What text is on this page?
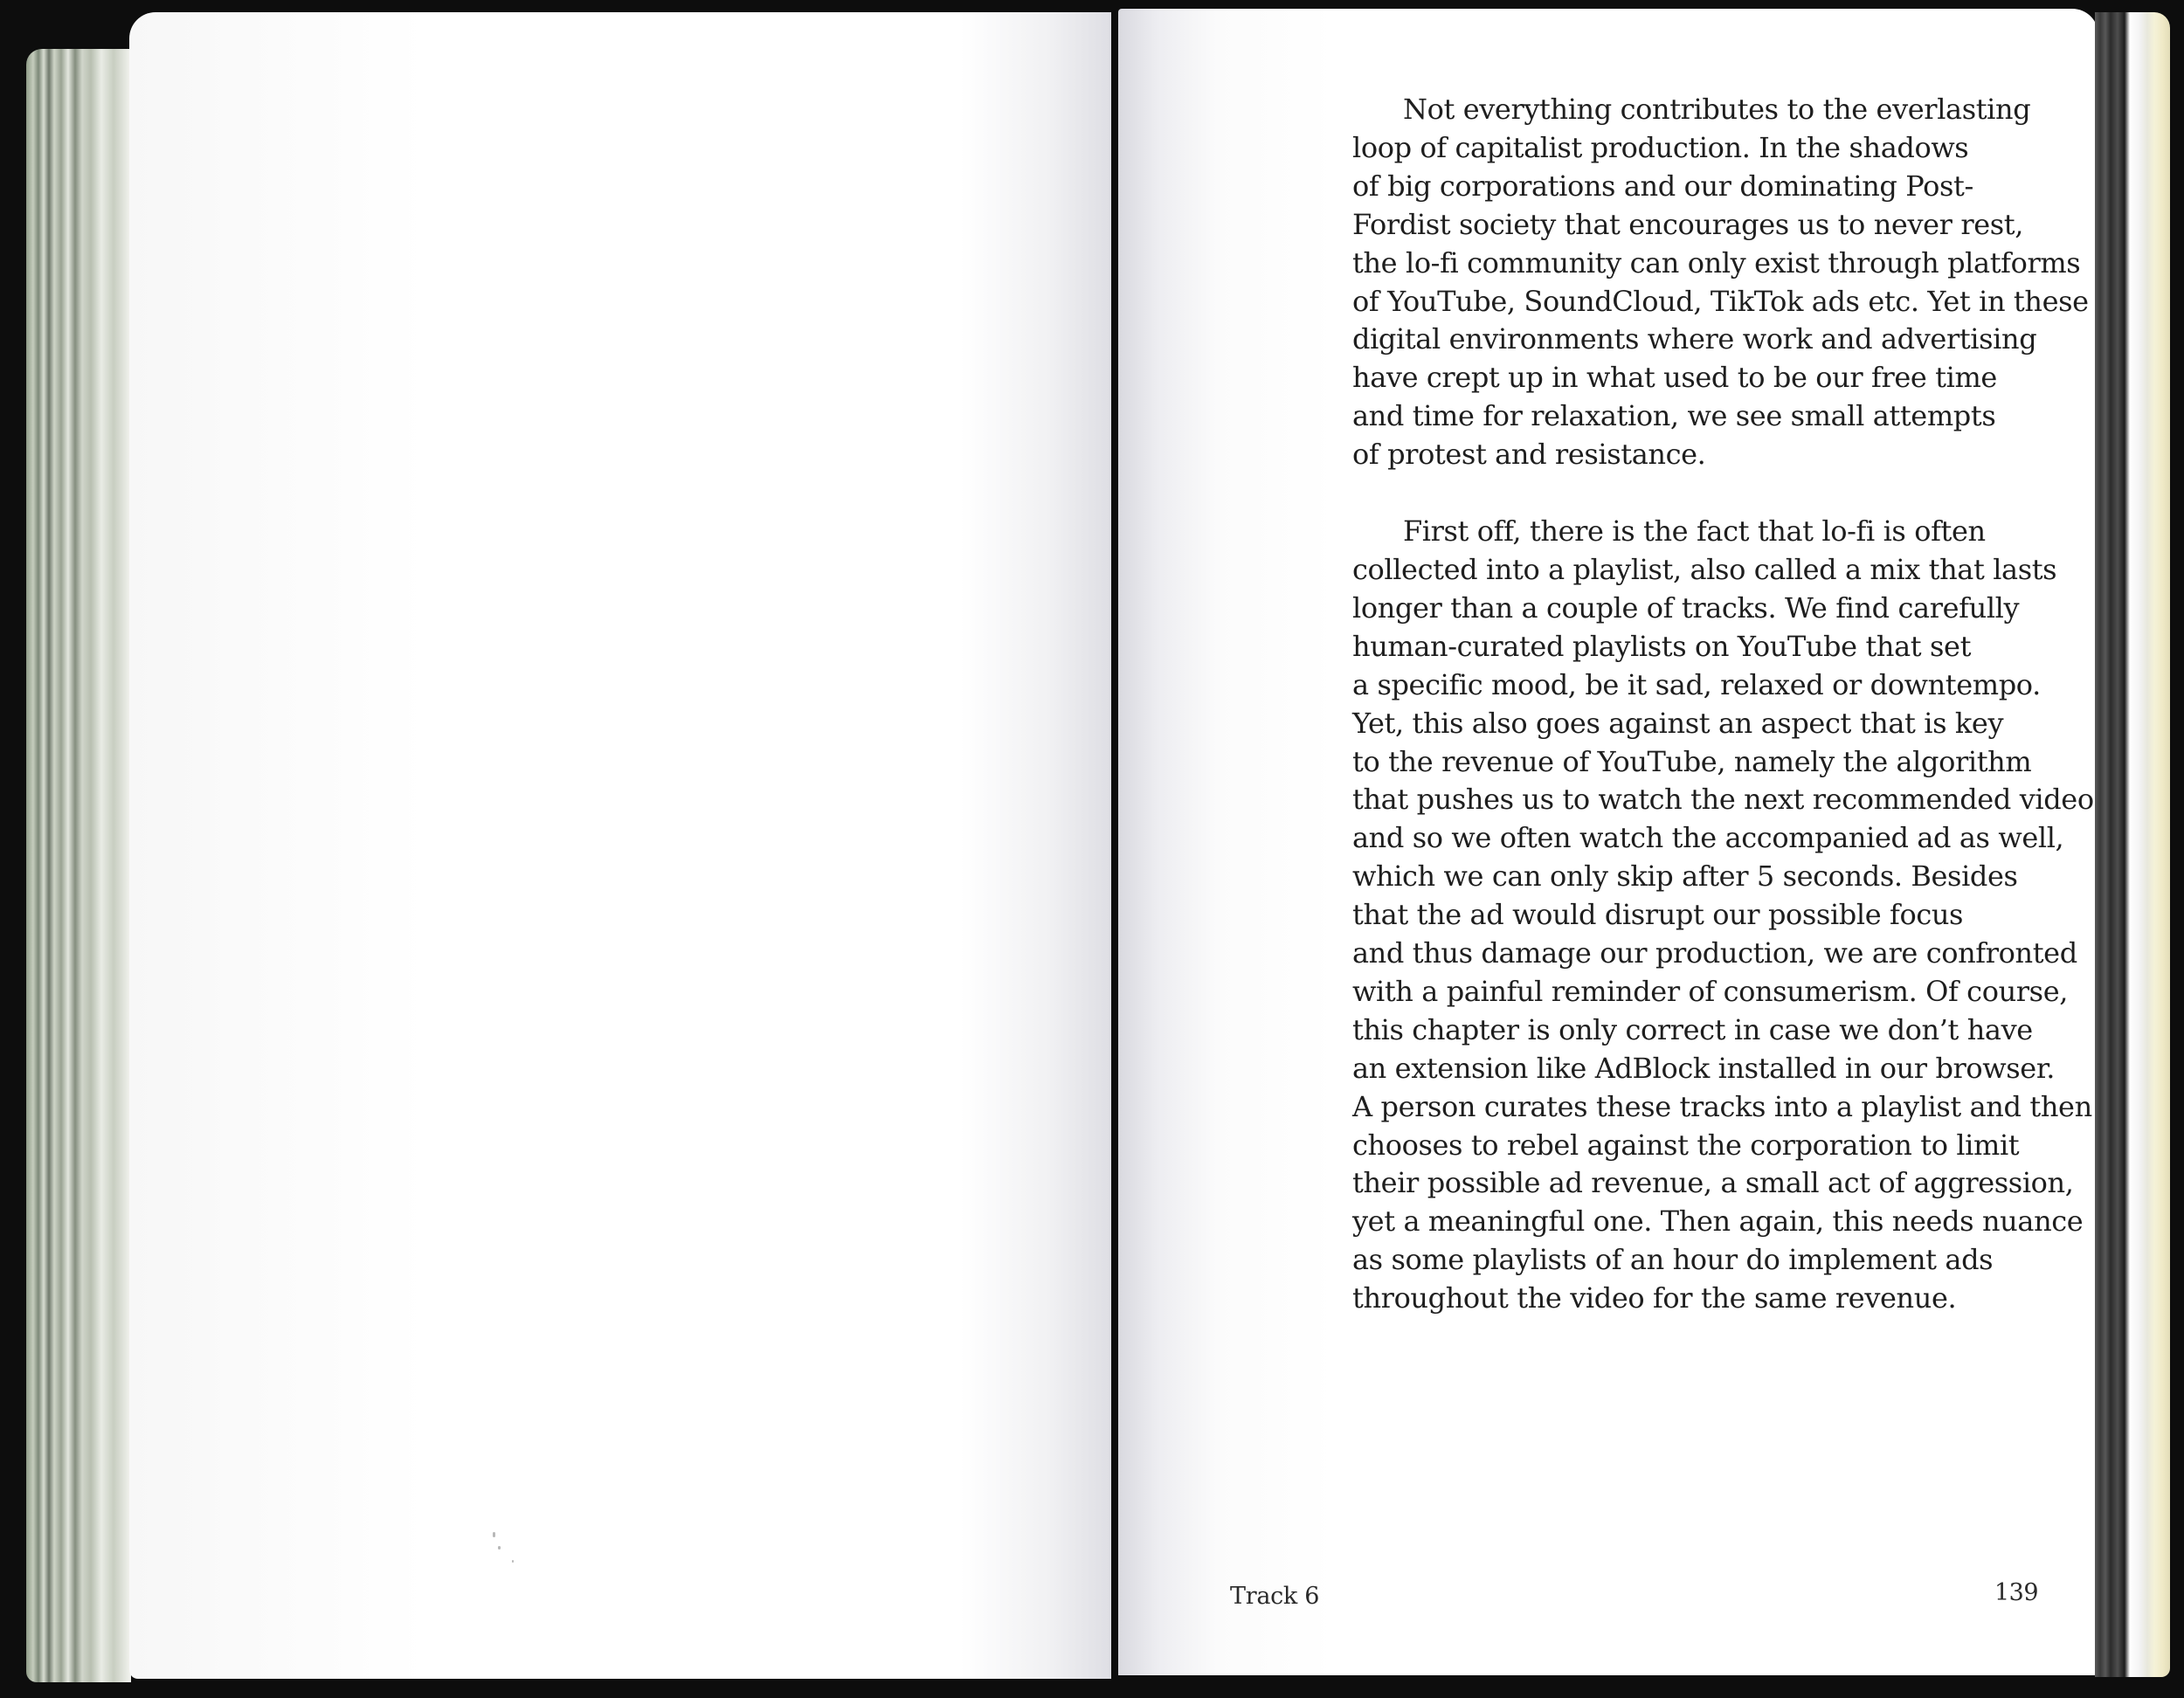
Not everything contributes to the everlasting
loop of capitalist production. In the shadows
of big corporations and our dominating Post-
Fordist society that encourages us to never rest,
the lo-fi community can only exist through platforms
of YouTube, SoundCloud, TikTok ads etc. Yet in these
digital environments where work and advertising
have crept up in what used to be our free time
and time for relaxation, we see small attempts
of protest and resistance.

First off, there is the fact that lo-fi is often
collected into a playlist, also called a mix that lasts
longer than a couple of tracks. We find carefully
human-curated playlists on YouTube that set
a specific mood, be it sad, relaxed or downtempo.
Yet, this also goes against an aspect that is key
to the revenue of YouTube, namely the algorithm
that pushes us to watch the next recommended video
and so we often watch the accompanied ad as well,
which we can only skip after 5 seconds. Besides
that the ad would disrupt our possible focus
and thus damage our production, we are confronted
with a painful reminder of consumerism. Of course,
this chapter is only correct in case we don’t have
an extension like AdBlock installed in our browser.
A person curates these tracks into a playlist and then
chooses to rebel against the corporation to limit
their possible ad revenue, a small act of aggression,
yet a meaningful one. Then again, this needs nuance
as some playlists of an hour do implement ads
throughout the video for the same revenue.

Track 6	139
